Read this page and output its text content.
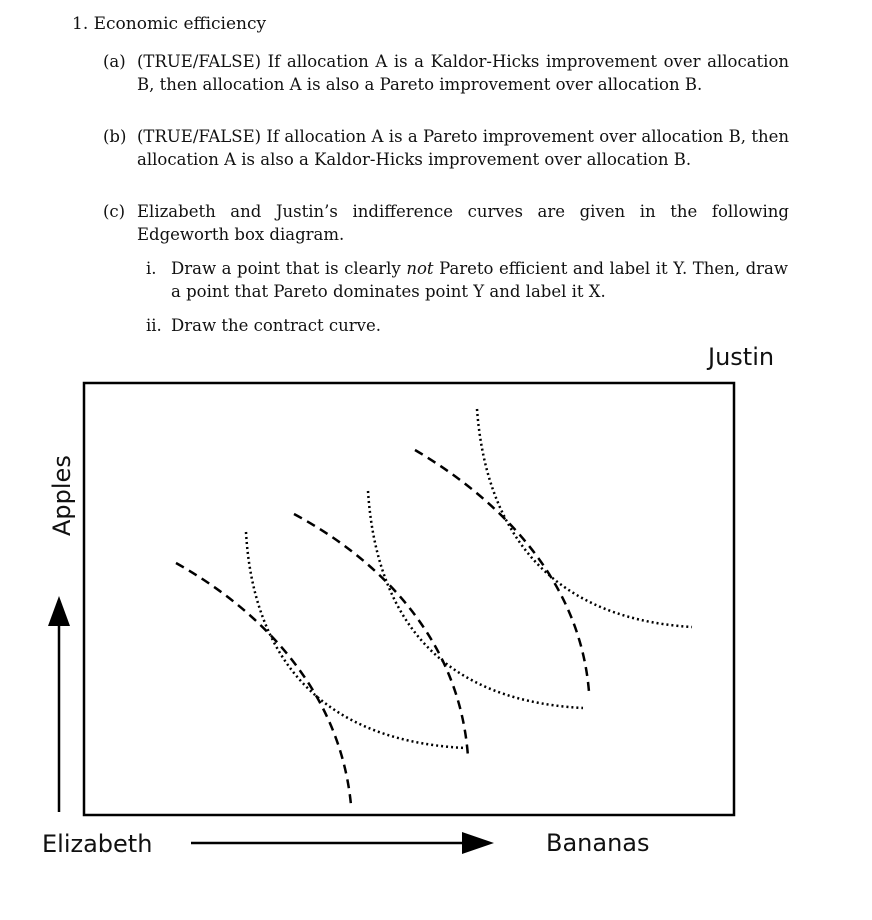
1. Economic efficiency
(a) (TRUE/FALSE) If allocation A is a Kaldor-Hicks improvement over allocation B, then allocation A is also a Pareto improvement over allocation B.
(b) (TRUE/FALSE) If allocation A is a Pareto improvement over allocation B, then allocation A is also a Kaldor-Hicks improvement over allocation B.
(c) Elizabeth and Justin’s indifference curves are given in the following Edgeworth box diagram.
i. Draw a point that is clearly not Pareto efficient and label it Y. Then, draw a point that Pareto dominates point Y and label it X.
ii. Draw the contract curve.
Justin
Apples
Elizabeth	Bananas
